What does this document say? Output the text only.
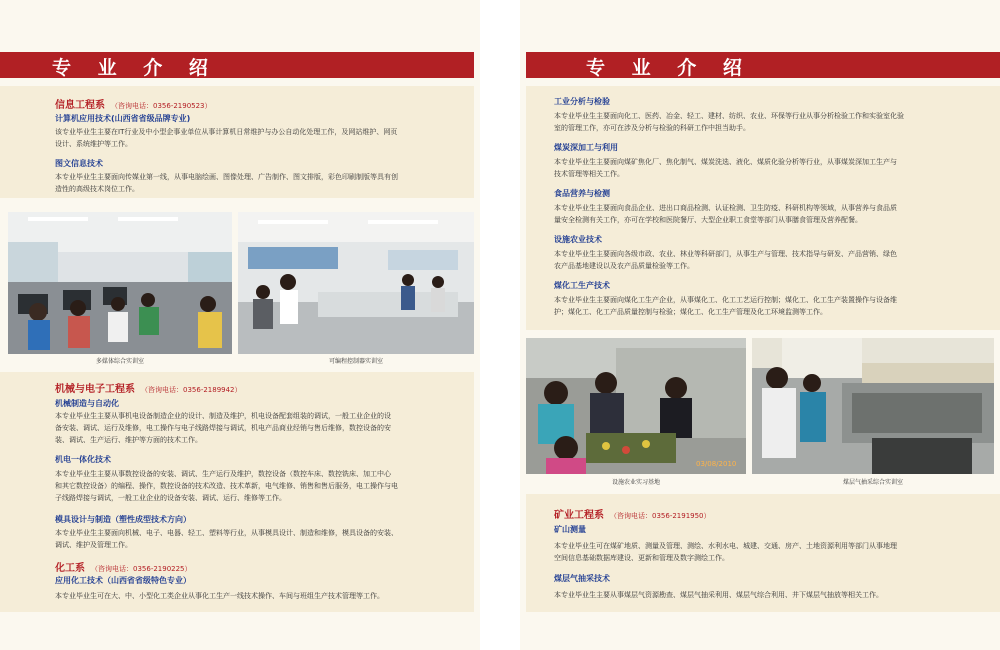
专 业 介 绍
信息工程系 （咨询电话：0356-2190523）
计算机应用技术(山西省省级品牌专业)
该专业毕业生主要在IT行业及中小型企事业单位从事计算机日常维护与办公自动化处理工作，及网站维护、网页
设计、系统维护等工作。
图文信息技术
本专业毕业生主要面向传媒业第一线，从事电脑绘画、图像处理、广告制作、图文排版，彩色印刷制版等具有创
造性的高级技术岗位工作。
多媒体综合实训室	可编程控制器实训室
机械与电子工程系 （咨询电话：0356-2189942）
机械制造与自动化
本专业毕业生主要从事机电设备制造企业的设计、制造及维护，机电设备配套组装的调试，一般工业企业的设
备安装、调试、运行及维修，电工操作与电子线路焊接与调试，机电产品商业经销与售后维修，数控设备的安
装、调试、生产运行、维护等方面的技术工作。
机电一体化技术
本专业毕业生主要从事数控设备的安装、调试、生产运行及维护，数控设备（数控车床、数控铣床、加工中心
和其它数控设备）的编程、操作，数控设备的技术改造、技术革新，电气维修、销售和售后服务，电工操作与电
子线路焊接与调试，一般工业企业的设备安装、调试、运行、维修等工作。
模具设计与制造（塑性成型技术方向）
本专业毕业生主要面向机械、电子、电器、轻工、塑料等行业，从事模具设计、制造和维修，模具设备的安装、
调试、维护及管理工作。
化工系 （咨询电话：0356-2190225）
应用化工技术（山西省省级特色专业）
本专业毕业生可在大、中、小型化工类企业从事化工生产一线技术操作、车间与班组生产技术管理等工作。
专 业 介 绍
工业分析与检验
本专业毕业生主要面向化工、医药、冶金、轻工、建材、纺织、农业、环保等行业从事分析检验工作和实验室化验
室的管理工作，亦可在涉及分析与检验的科研工作中担当助手。
煤炭深加工与利用
本专业毕业生主要面向煤矿焦化厂、焦化制气、煤炭洗选、液化、煤质化验分析等行业，从事煤炭深加工生产与
技术管理等相关工作。
食品营养与检测
本专业毕业生主要面向食品企业、进出口商品检测、认证检测、卫生防疫、科研机构等领域，从事营养与食品质
量安全检测有关工作，亦可在学校和医院餐厅、大型企业职工食堂等部门从事膳食管理及营养配餐。
设施农业技术
本专业毕业生主要面向各级市政、农业、林业等科研部门，从事生产与管理、技术指导与研发、产品营销、绿色
农产品基地建设以及农产品质量检验等工作。
煤化工生产技术
本专业毕业生主要面向煤化工生产企业，从事煤化工、化工工艺运行控制；煤化工、化工生产装置操作与设备维
护；煤化工、化工产品质量控制与检验；煤化工、化工生产管理及化工环境监测等工作。
03/08/2010
设施农业实习基地	煤层气抽采综合实训室
矿业工程系 （咨询电话：0356-2191950）
矿山测量
本专业毕业生可在煤矿地质、测量及管理、测绘、水利水电、城建、交通、房产、土地资源利用等部门从事地理
空间信息基础数据库建设、更新和管理及数字测绘工作。
煤层气抽采技术
本专业毕业生主要从事煤层气资源勘查、煤层气抽采利用、煤层气综合利用、井下煤层气抽放等相关工作。
